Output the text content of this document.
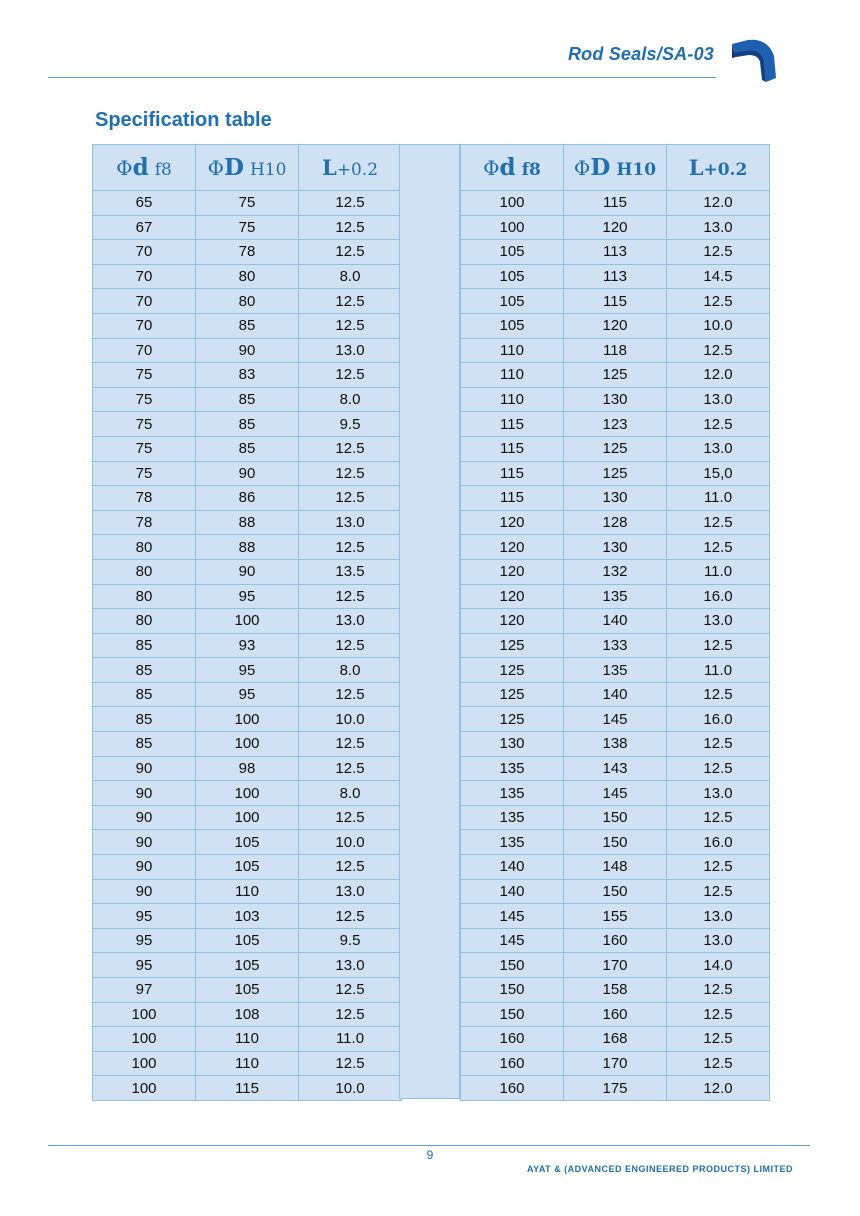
Rod Seals/SA-03
Specification table
Φd f8	ΦD H10	L+0.2
65	75	12.5
67	75	12.5
70	78	12.5
70	80	8.0
70	80	12.5
70	85	12.5
70	90	13.0
75	83	12.5
75	85	8.0
75	85	9.5
75	85	12.5
75	90	12.5
78	86	12.5
78	88	13.0
80	88	12.5
80	90	13.5
80	95	12.5
80	100	13.0
85	93	12.5
85	95	8.0
85	95	12.5
85	100	10.0
85	100	12.5
90	98	12.5
90	100	8.0
90	100	12.5
90	105	10.0
90	105	12.5
90	110	13.0
95	103	12.5
95	105	9.5
95	105	13.0
97	105	12.5
100	108	12.5
100	110	11.0
100	110	12.5
100	115	10.0
Φd f8	ΦD H10	L+0.2
100	115	12.0
100	120	13.0
105	113	12.5
105	113	14.5
105	115	12.5
105	120	10.0
110	118	12.5
110	125	12.0
110	130	13.0
115	123	12.5
115	125	13.0
115	125	15,0
115	130	11.0
120	128	12.5
120	130	12.5
120	132	11.0
120	135	16.0
120	140	13.0
125	133	12.5
125	135	11.0
125	140	12.5
125	145	16.0
130	138	12.5
135	143	12.5
135	145	13.0
135	150	12.5
135	150	16.0
140	148	12.5
140	150	12.5
145	155	13.0
145	160	13.0
150	170	14.0
150	158	12.5
150	160	12.5
160	168	12.5
160	170	12.5
160	175	12.0
9
AYAT & (ADVANCED ENGINEERED PRODUCTS) LIMITED
